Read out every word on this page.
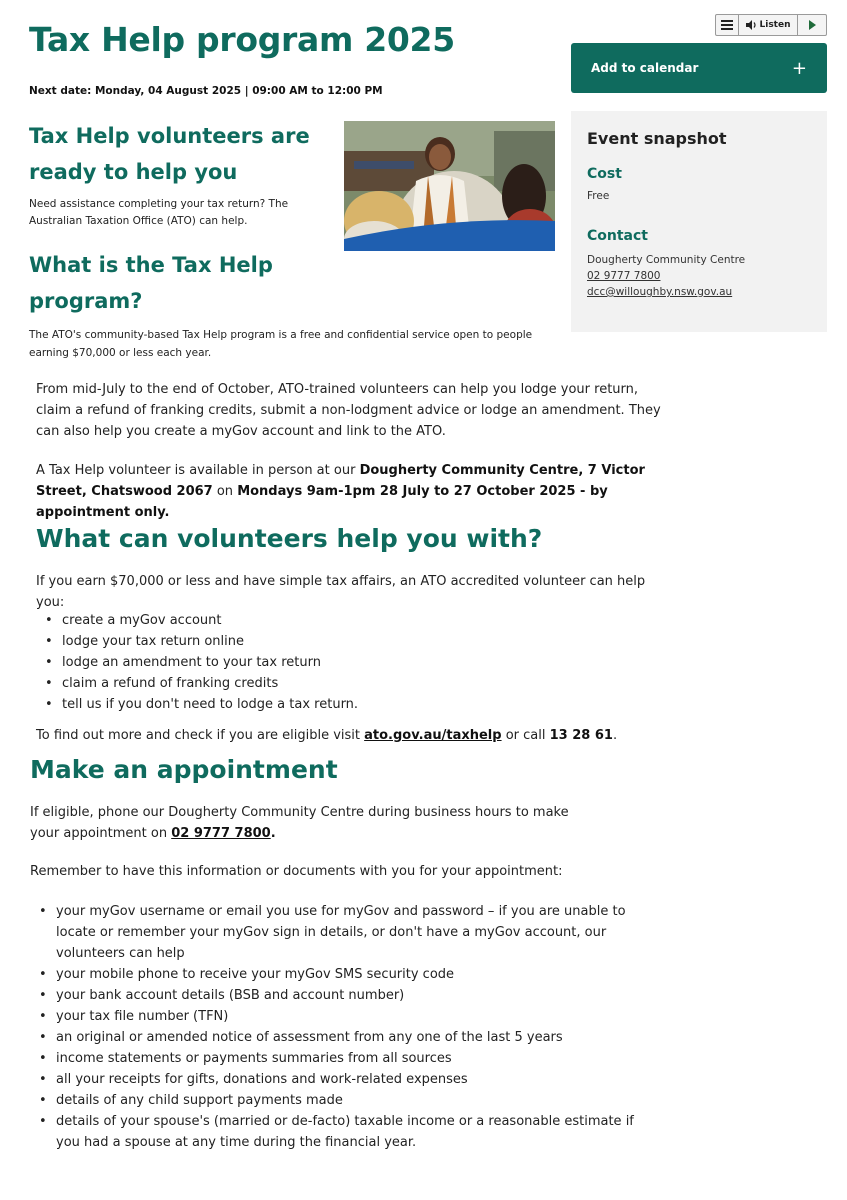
Tax Help program 2025
Next date: Monday, 04 August 2025 | 09:00 AM to 12:00 PM
Listen
Add to calendar	+
Event snapshot
Cost

Free

Contact
Dougherty Community Centre
02 9777 7800
dcc@willoughby.nsw.gov.au
Tax Help volunteers are ready to help you

Need assistance completing your tax return? The Australian Taxation Office (ATO) can help.

What is the Tax Help program?

The ATO's community-based Tax Help program is a free and confidential service open to people earning $70,000 or less each year.

From mid-July to the end of October, ATO-trained volunteers can help you lodge your return, claim a refund of franking credits, submit a non-lodgment advice or lodge an amendment. They can also help you create a myGov account and link to the ATO.

A Tax Help volunteer is available in person at our Dougherty Community Centre, 7 Victor Street, Chatswood 2067 on Mondays 9am-1pm 28 July to 27 October 2025 - by appointment only.

What can volunteers help you with?

If you earn $70,000 or less and have simple tax affairs, an ATO accredited volunteer can help you:

• create a myGov account
• lodge your tax return online
• lodge an amendment to your tax return
• claim a refund of franking credits
• tell us if you don't need to lodge a tax return.

To find out more and check if you are eligible visit ato.gov.au/taxhelp or call 13 28 61.

Make an appointment

If eligible, phone our Dougherty Community Centre during business hours to make your appointment on 02 9777 7800.

Remember to have this information or documents with you for your appointment:

• your myGov username or email you use for myGov and password – if you are unable to locate or remember your myGov sign in details, or don't have a myGov account, our volunteers can help
• your mobile phone to receive your myGov SMS security code
• your bank account details (BSB and account number)
• your tax file number (TFN)
• an original or amended notice of assessment from any one of the last 5 years
• income statements or payments summaries from all sources
• all your receipts for gifts, donations and work-related expenses
• details of any child support payments made
• details of your spouse's (married or de-facto) taxable income or a reasonable estimate if you had a spouse at any time during the financial year.
